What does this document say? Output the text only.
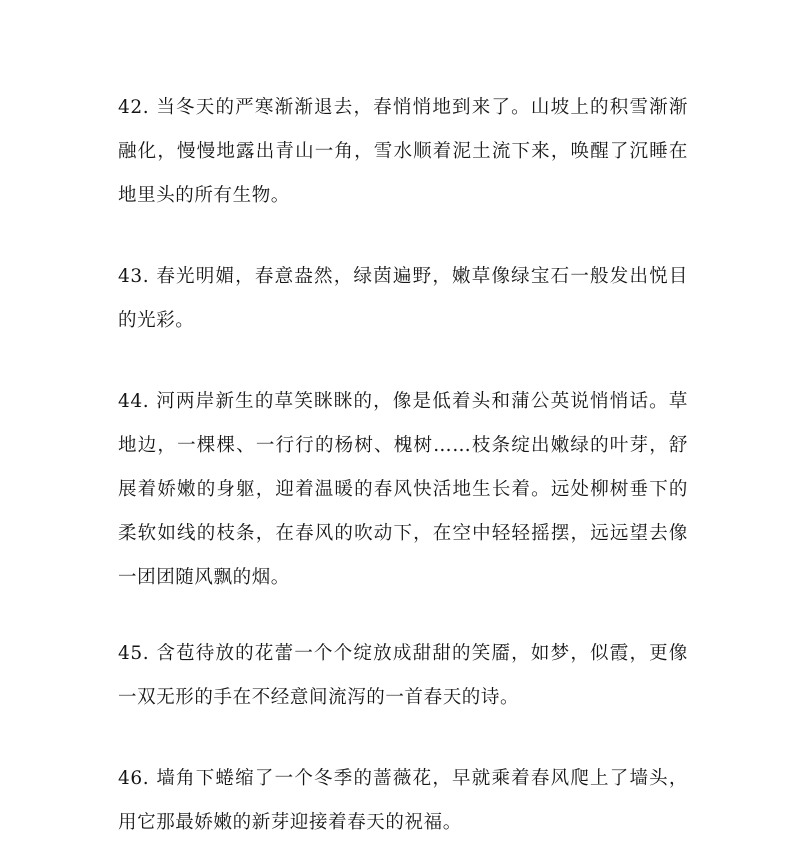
42. 当冬天的严寒渐渐退去，春悄悄地到来了。山坡上的积雪渐渐融化，慢慢地露出青山一角，雪水顺着泥土流下来，唤醒了沉睡在地里头的所有生物。

43. 春光明媚，春意盎然，绿茵遍野，嫩草像绿宝石一般发出悦目的光彩。

44. 河两岸新生的草笑眯眯的，像是低着头和蒲公英说悄悄话。草地边，一棵棵、一行行的杨树、槐树……枝条绽出嫩绿的叶芽，舒展着娇嫩的身躯，迎着温暖的春风快活地生长着。远处柳树垂下的柔软如线的枝条，在春风的吹动下，在空中轻轻摇摆，远远望去像一团团随风飘的烟。

45. 含苞待放的花蕾一个个绽放成甜甜的笑靥，如梦，似霞，更像一双无形的手在不经意间流泻的一首春天的诗。

46. 墙角下蜷缩了一个冬季的蔷薇花，早就乘着春风爬上了墙头，用它那最娇嫩的新芽迎接着春天的祝福。
